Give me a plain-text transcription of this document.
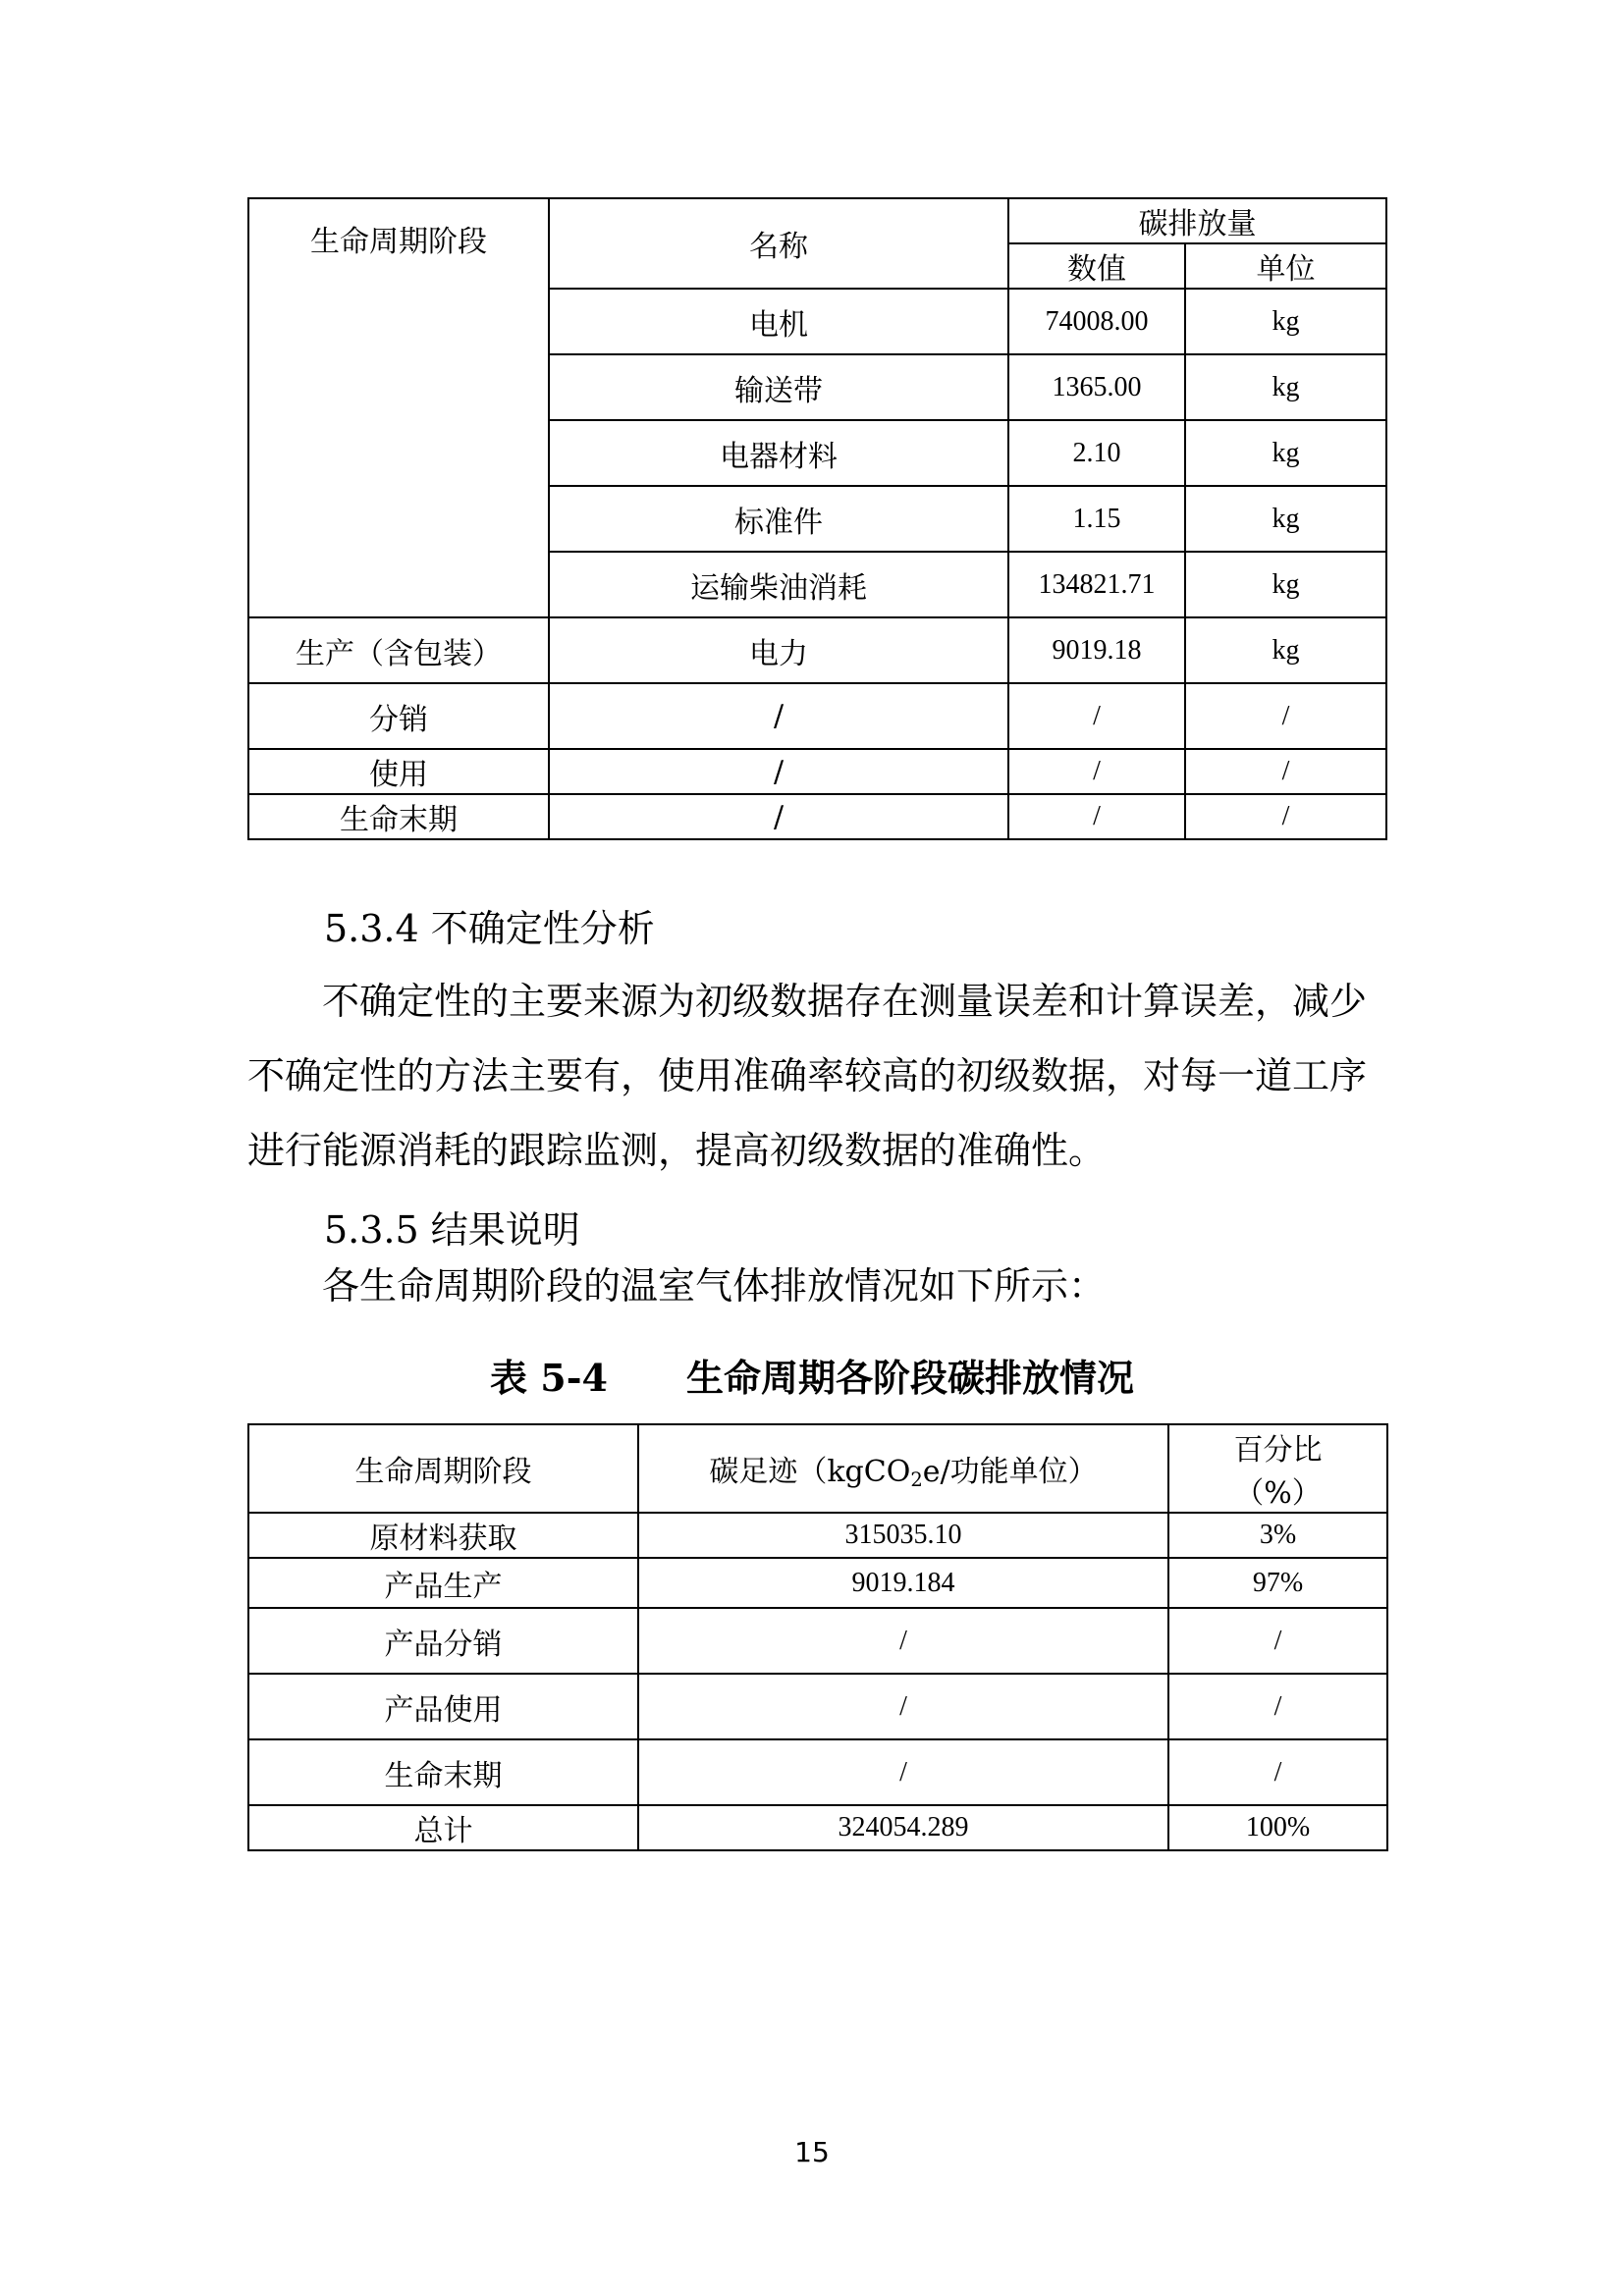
生命周期阶段	名称	碳排放量	
		数值	单位
	电机	74008.00	kg
	输送带	1365.00	kg
	电器材料	2.10	kg
	标准件	1.15	kg
	运输柴油消耗	134821.71	kg
生产（含包装）	电力	9019.18	kg
分销	/	/	/
使用	/	/	/
生命末期	/	/	/

5.3.4 不确定性分析

不确定性的主要来源为初级数据存在测量误差和计算误差，减少不确定性的方法主要有，使用准确率较高的初级数据，对每一道工序进行能源消耗的跟踪监测，提高初级数据的准确性。

5.3.5 结果说明

各生命周期阶段的温室气体排放情况如下所示：

表 5-4 生命周期各阶段碳排放情况

生命周期阶段	碳足迹（kgCO$_2$e/功能单位）	百分比
（%）

原材料获取	315035.10	3%
产品生产	9019.184	97%
产品分销	/	/
产品使用	/	/
生命末期	/	/
总计	324054.289	100%
15
